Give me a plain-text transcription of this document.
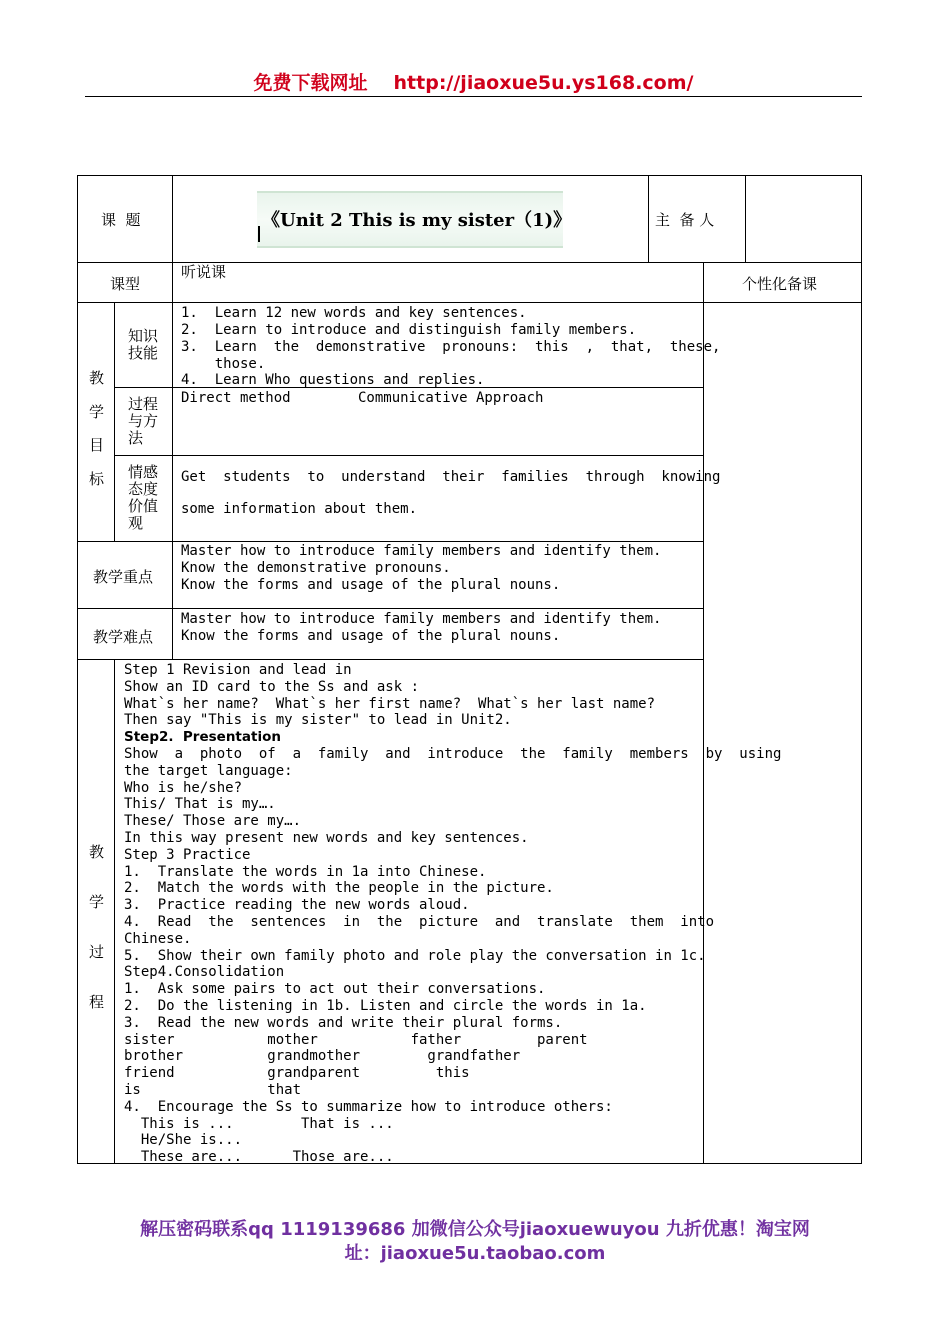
免费下载网址 http://jiaoxue5u.ys168.com/
课  题	《Unit 2 This is my sister（1)》	主  备 人
课型
听说课
个性化备课
教
学
目
标
知识
技能
1.  Learn 12 new words and key sentences.
2.  Learn to introduce and distinguish family members.
3.  Learn  the  demonstrative  pronouns:  this  ,  that,  these,
those.
4.  Learn Who questions and replies.
过程
与方
法
Direct method        Communicative Approach
情感
态度
价值
观
Get  students  to  understand  their  families  through  knowing
some information about them.
教学重点
Master how to introduce family members and identify them.
Know the demonstrative pronouns.
Know the forms and usage of the plural nouns.
教学难点
Master how to introduce family members and identify them.
Know the forms and usage of the plural nouns.
教
学
过
程
Step 1 Revision and lead in
Show an ID card to the Ss and ask :
What`s her name?  What`s her first name?  What`s her last name?
Then say "This is my sister" to lead in Unit2.
Step2.  Presentation
Show  a  photo  of  a  family  and  introduce  the  family  members  by  using
the target language:
Who is he/she?
This/ That is my….
These/ Those are my….
In this way present new words and key sentences.
Step 3 Practice
1.  Translate the words in 1a into Chinese.
2.  Match the words with the people in the picture.
3.  Practice reading the new words aloud.
4.  Read  the  sentences  in  the  picture  and  translate  them  into
Chinese.
5.  Show their own family photo and role play the conversation in 1c.
Step4.Consolidation
1.  Ask some pairs to act out their conversations.
2.  Do the listening in 1b. Listen and circle the words in 1a.
3.  Read the new words and write their plural forms.
sister           mother           father         parent
brother          grandmother        grandfather
friend           grandparent         this
is               that
4.  Encourage the Ss to summarize how to introduce others:
This is ...        That is ...
He/She is...
These are...      Those are...
解压密码联系qq 1119139686 加微信公众号jiaoxuewuyou 九折优惠！淘宝网
址：jiaoxue5u.taobao.com
